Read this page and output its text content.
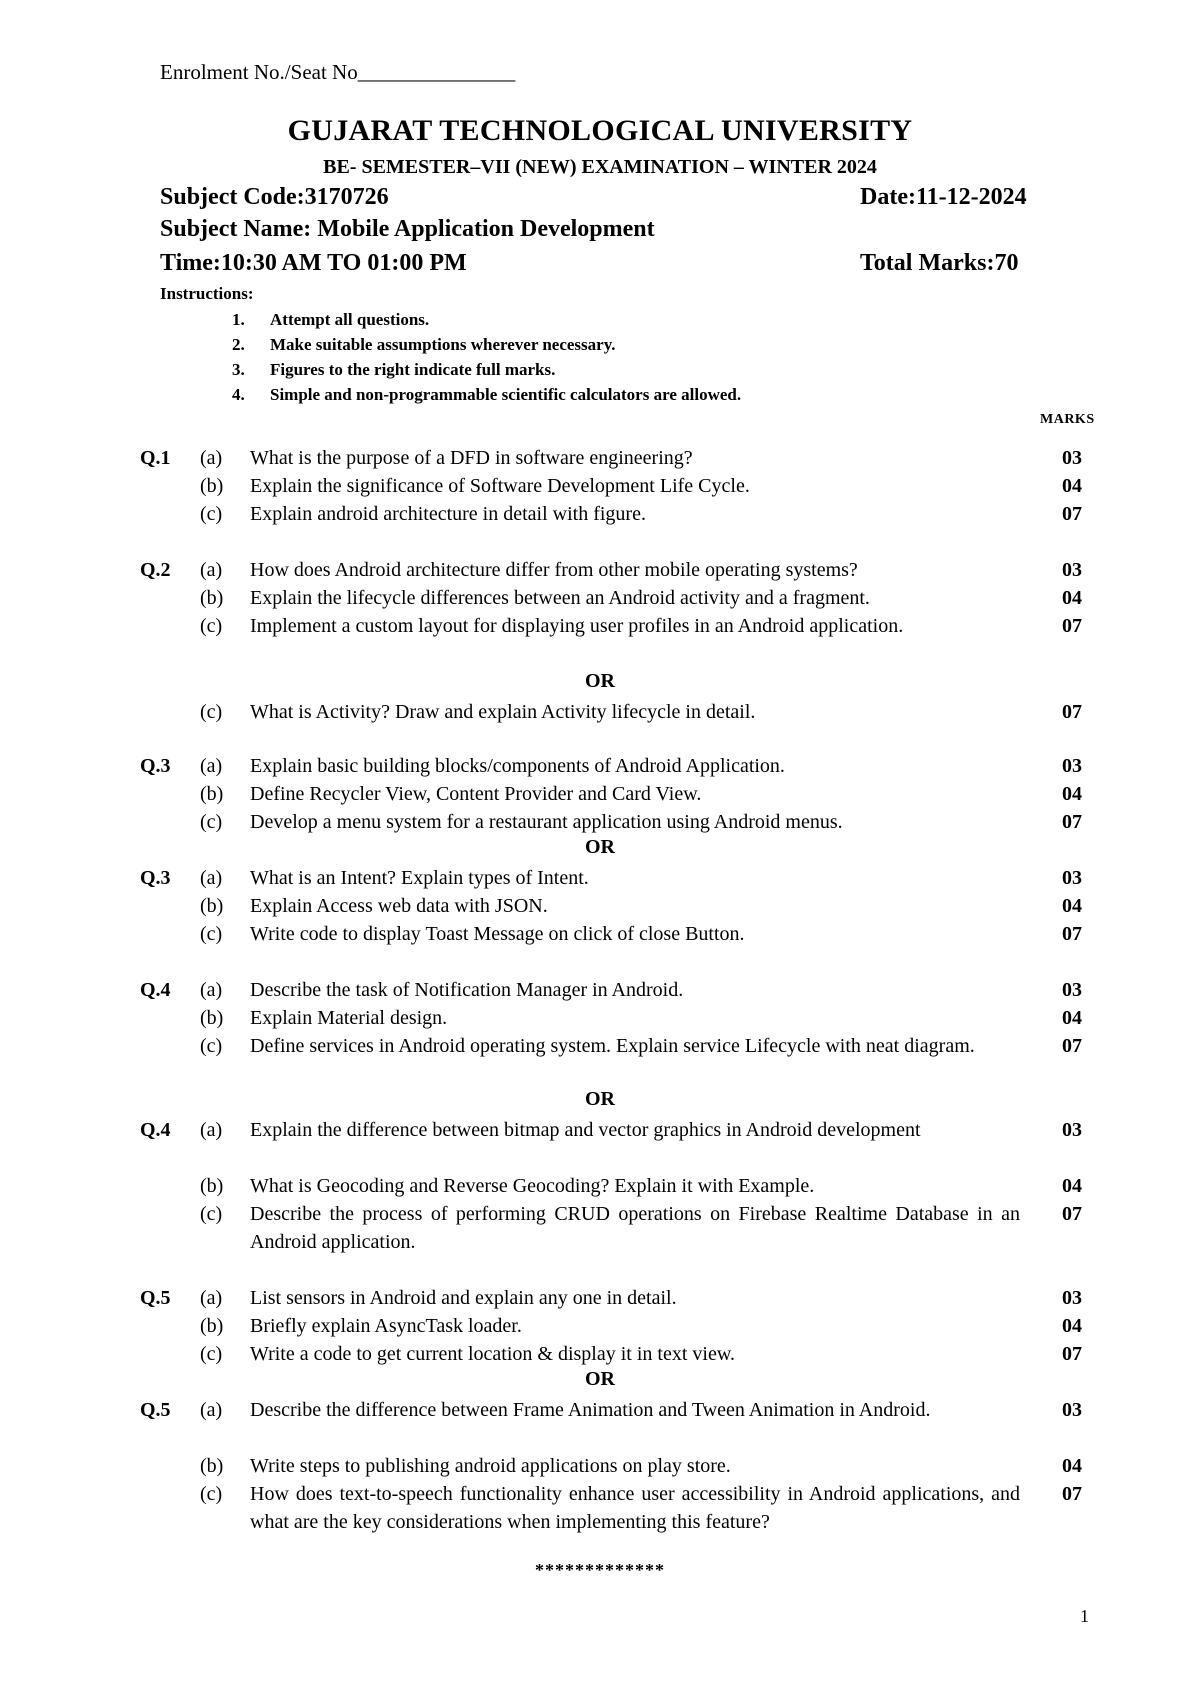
Enrolment No./Seat No_______________
GUJARAT TECHNOLOGICAL UNIVERSITY
BE- SEMESTER–VII (NEW) EXAMINATION – WINTER 2024
Subject Code:3170726	Date:11-12-2024
Subject Name: Mobile Application Development
Time:10:30 AM TO 01:00 PM	Total Marks:70
Instructions:
1. Attempt all questions.
2. Make suitable assumptions wherever necessary.
3. Figures to the right indicate full marks.
4. Simple and non-programmable scientific calculators are allowed.
MARKS
Q.1 (a) What is the purpose of a DFD in software engineering?	03
(b) Explain the significance of Software Development Life Cycle.	04
(c) Explain android architecture in detail with figure.	07
Q.2 (a) How does Android architecture differ from other mobile operating systems?	03
(b) Explain the lifecycle differences between an Android activity and a fragment.	04
(c) Implement a custom layout for displaying user profiles in an Android application.	07
OR
(c) What is Activity? Draw and explain Activity lifecycle in detail.	07
Q.3 (a) Explain basic building blocks/components of Android Application.	03
(b) Define Recycler View, Content Provider and Card View.	04
(c) Develop a menu system for a restaurant application using Android menus.	07
OR
Q.3 (a) What is an Intent? Explain types of Intent.	03
(b) Explain Access web data with JSON.	04
(c) Write code to display Toast Message on click of close Button.	07
Q.4 (a) Describe the task of Notification Manager in Android.	03
(b) Explain Material design.	04
(c) Define services in Android operating system. Explain service Lifecycle with neat diagram.	07
OR
Q.4 (a) Explain the difference between bitmap and vector graphics in Android development	03
(b) What is Geocoding and Reverse Geocoding? Explain it with Example.	04
(c) Describe the process of performing CRUD operations on Firebase Realtime Database in an Android application.
07
Q.5 (a) List sensors in Android and explain any one in detail.	03
(b) Briefly explain AsyncTask loader.	04
(c) Write a code to get current location & display it in text view.	07
OR
Q.5 (a) Describe the difference between Frame Animation and Tween Animation in Android.	03
(b) Write steps to publishing android applications on play store.	04
(c) How does text-to-speech functionality enhance user accessibility in Android applications, and what are the key considerations when implementing this feature?
07
*************
1
